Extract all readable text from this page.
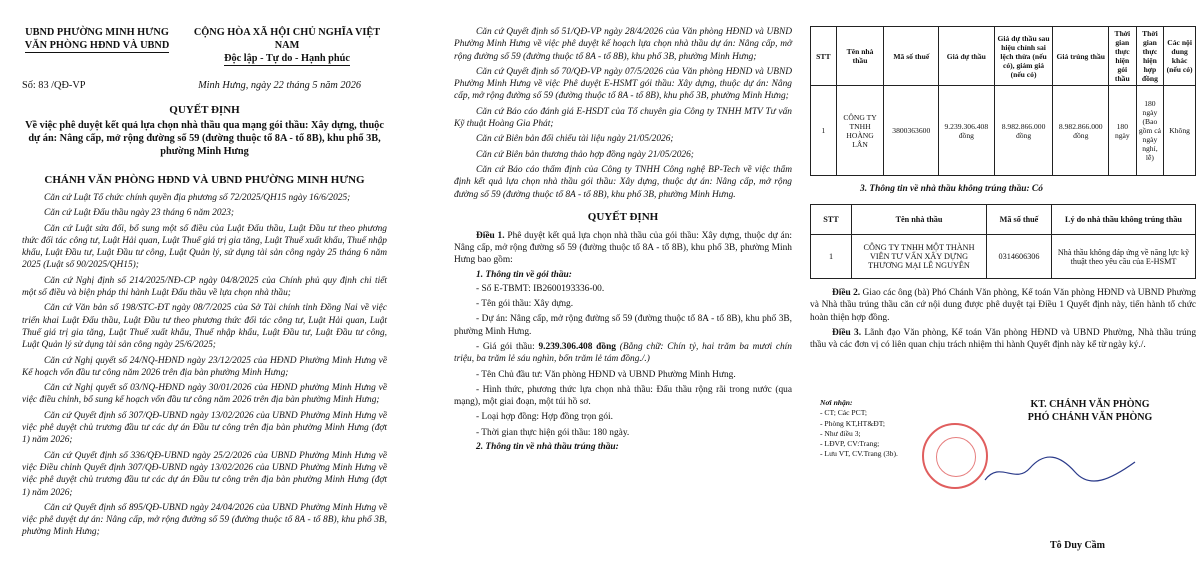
UBND PHƯỜNG MINH HƯNG
VĂN PHÒNG HĐND VÀ UBND
CỘNG HÒA XÃ HỘI CHỦ NGHĨA VIỆT NAM
Độc lập - Tự do - Hạnh phúc
Số: 83 /QĐ-VP	Minh Hưng, ngày 22 tháng 5 năm 2026
QUYẾT ĐỊNH
Về việc phê duyệt kết quả lựa chọn nhà thầu qua mạng gói thầu: Xây dựng, thuộc dự án: Nâng cấp, mở rộng đường số 59 (đường thuộc tổ 8A - tổ 8B), khu phố 3B, phường Minh Hưng
CHÁNH VĂN PHÒNG HĐND VÀ UBND PHƯỜNG MINH HƯNG

Căn cứ Luật Tổ chức chính quyền địa phương số 72/2025/QH15 ngày 16/6/2025;

Căn cứ Luật Đấu thầu ngày 23 tháng 6 năm 2023;

Căn cứ Luật sửa đổi, bổ sung một số điều của Luật Đấu thầu, Luật Đầu tư theo phương thức đối tác công tư, Luật Hải quan, Luật Thuế giá trị gia tăng, Luật Thuế xuất khẩu, Thuế nhập khẩu, Luật Đầu tư, Luật Đầu tư công, Luật Quản lý, sử dụng tài sản công ngày 25 tháng 6 năm 2025 (Luật số 90/2025/QH15);

Căn cứ Nghị định số 214/2025/NĐ-CP ngày 04/8/2025 của Chính phủ quy định chi tiết một số điều và biện pháp thi hành Luật Đấu thầu về lựa chọn nhà thầu;

Căn cứ Văn bản số 198/STC-ĐT ngày 08/7/2025 của Sở Tài chính tỉnh Đồng Nai về việc triển khai Luật Đấu thầu, Luật Đầu tư theo phương thức đối tác công tư, Luật Hải quan, Luật Thuế giá trị gia tăng, Luật Thuế xuất khẩu, Thuế nhập khẩu, Luật Đầu tư, Luật Đầu tư công, Luật Quản lý sử dụng tài sản công ngày 25/6/2025;

Căn cứ Nghị quyết số 24/NQ-HĐND ngày 23/12/2025 của HĐND Phường Minh Hưng về Kế hoạch vốn đầu tư công năm 2026 trên địa bàn phường Minh Hưng;

Căn cứ Nghị quyết số 03/NQ-HĐND ngày 30/01/2026 của HĐND phường Minh Hưng về việc điều chỉnh, bổ sung kế hoạch vốn đầu tư công năm 2026 trên địa bàn phường Minh Hưng;

Căn cứ Quyết định số 307/QĐ-UBND ngày 13/02/2026 của UBND Phường Minh Hưng về việc phê duyệt chủ trương đầu tư các dự án Đầu tư công trên địa bàn phường Minh Hưng (đợt 1) năm 2026;

Căn cứ Quyết định số 336/QĐ-UBND ngày 25/2/2026 của UBND Phường Minh Hưng về việc Điều chỉnh Quyết định 307/QĐ-UBND ngày 13/02/2026 của UBND Phường Minh Hưng về việc phê duyệt chủ trương đầu tư các dự án Đầu tư công trên địa bàn phường Minh Hưng (đợt 1) năm 2026;

Căn cứ Quyết định số 895/QĐ-UBND ngày 24/04/2026 của UBND Phường Minh Hưng về việc phê duyệt dự án: Nâng cấp, mở rộng đường số 59 (đường thuộc tổ 8A - tổ 8B), khu phố 3B, phường Minh Hưng;

Căn cứ Quyết định số 51/QĐ-VP ngày 28/4/2026 của Văn phòng HĐND và UBND Phường Minh Hưng về việc phê duyệt kế hoạch lựa chọn nhà thầu dự án: Nâng cấp, mở rộng đường số 59 (đường thuộc tổ 8A - tổ 8B), khu phố 3B, phường Minh Hưng;

Căn cứ Quyết định số 70/QĐ-VP ngày 07/5/2026 của Văn phòng HĐND và UBND Phường Minh Hưng về việc Phê duyệt E-HSMT gói thầu: Xây dựng, thuộc dự án: Nâng cấp, mở rộng đường số 59 (đường thuộc tổ 8A - tổ 8B), khu phố 3B, phường Minh Hưng;

Căn cứ Báo cáo đánh giá E-HSDT của Tổ chuyên gia Công ty TNHH MTV Tư vấn Kỹ thuật Hoàng Gia Phát;

Căn cứ Biên bản đối chiếu tài liệu ngày 21/05/2026;

Căn cứ Biên bản thương thảo hợp đồng ngày 21/05/2026;

Căn cứ Báo cáo thẩm định của Công ty TNHH Công nghệ BP-Tech về việc thẩm định kết quả lựa chọn nhà thầu gói thầu: Xây dựng, thuộc dự án: Nâng cấp, mở rộng đường số 59 (đường thuộc tổ 8A - tổ 8B), khu phố 3B, phường Minh Hưng.

QUYẾT ĐỊNH

Điều 1. Phê duyệt kết quả lựa chọn nhà thầu của gói thầu: Xây dựng, thuộc dự án: Nâng cấp, mở rộng đường số 59 (đường thuộc tổ 8A - tổ 8B), khu phố 3B, phường Minh Hưng bao gồm:

1. Thông tin về gói thầu:

- Số E-TBMT: IB2600193336-00.

- Tên gói thầu: Xây dựng.

- Dự án: Nâng cấp, mở rộng đường số 59 (đường thuộc tổ 8A - tổ 8B), khu phố 3B, phường Minh Hưng.

- Giá gói thầu: 9.239.306.408 đồng (Bằng chữ: Chín tỷ, hai trăm ba mươi chín triệu, ba trăm lẻ sáu nghìn, bốn trăm lẻ tám đồng./.)

- Tên Chủ đầu tư: Văn phòng HĐND và UBND Phường Minh Hưng.

- Hình thức, phương thức lựa chọn nhà thầu: Đấu thầu rộng rãi trong nước (qua mạng), một giai đoạn, một túi hồ sơ.

- Loại hợp đồng: Hợp đồng trọn gói.

- Thời gian thực hiện gói thầu: 180 ngày.

2. Thông tin về nhà thầu trúng thầu:
STT	Tên nhà thầu	Mã số thuế	Giá dự thầu	Giá dự thầu sau hiệu chỉnh sai lệch thừa (nếu có), giảm giá (nếu có)	Giá trúng thầu	Thời gian thực hiện gói thầu	Thời gian thực hiện hợp đồng	Các nội dung khác (nếu có)
1	CÔNG TY TNHH HOÀNG LÂN	3800363600	9.239.306.408 đồng	8.982.866.000 đồng	8.982.866.000 đồng	180 ngày	180 ngày (Bao gồm cả ngày nghỉ, lễ)	Không
3. Thông tin về nhà thầu không trúng thầu: Có
STT	Tên nhà thầu	Mã số thuế	Lý do nhà thầu không trúng thầu
1	CÔNG TY TNHH MỘT THÀNH VIÊN TƯ VẤN XÂY DỰNG THƯƠNG MẠI LÊ NGUYÊN	0314606306	Nhà thầu không đáp ứng về năng lực kỹ thuật theo yêu cầu của E-HSMT

Điều 2. Giao các ông (bà) Phó Chánh Văn phòng, Kế toán Văn phòng HĐND và UBND Phường và Nhà thầu trúng thầu căn cứ nội dung được phê duyệt tại Điều 1 Quyết định này, tiến hành tổ chức hoàn thiện hợp đồng.

Điều 3. Lãnh đạo Văn phòng, Kế toán Văn phòng HĐND và UBND Phường, Nhà thầu trúng thầu và các đơn vị có liên quan chịu trách nhiệm thi hành Quyết định này kể từ ngày ký./.

Nơi nhận:
- CT; Các PCT;
- Phòng KT,HT&ĐT;
- Như điều 3;
- LĐVP, CV:Trang;
- Lưu VT, CV.Trang (3b).
KT. CHÁNH VĂN PHÒNG
PHÓ CHÁNH VĂN PHÒNG
Tô Duy Cầm
